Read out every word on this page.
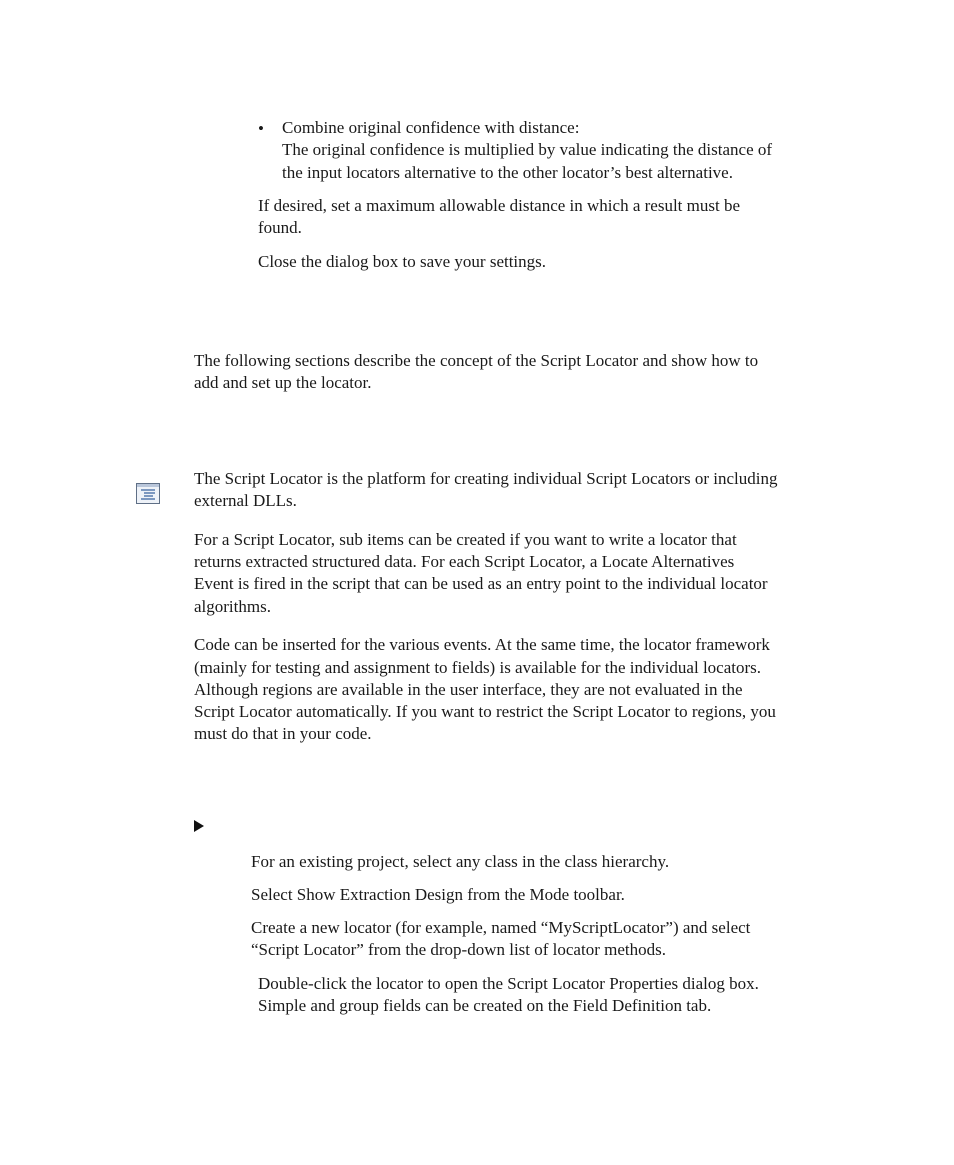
• Combine original confidence with distance:

The original confidence is multiplied by value indicating the distance of

the input locators alternative to the other locator’s best alternative.

If desired, set a maximum allowable distance in which a result must be

found.

Close the dialog box to save your settings.

The following sections describe the concept of the Script Locator and show how to

add and set up the locator.

The Script Locator is the platform for creating individual Script Locators or including

external DLLs.

For a Script Locator, sub items can be created if you want to write a locator that

returns extracted structured data. For each Script Locator, a Locate Alternatives

Event is fired in the script that can be used as an entry point to the individual locator

algorithms.

Code can be inserted for the various events. At the same time, the locator framework

(mainly for testing and assignment to fields) is available for the individual locators.

Although regions are available in the user interface, they are not evaluated in the

Script Locator automatically. If you want to restrict the Script Locator to regions, you

must do that in your code.

For an existing project, select any class in the class hierarchy.

Select Show Extraction Design from the Mode toolbar.

Create a new locator (for example, named “MyScriptLocator”) and select

“Script Locator” from the drop-down list of locator methods.

Double-click the locator to open the Script Locator Properties dialog box.

Simple and group fields can be created on the Field Definition tab.
